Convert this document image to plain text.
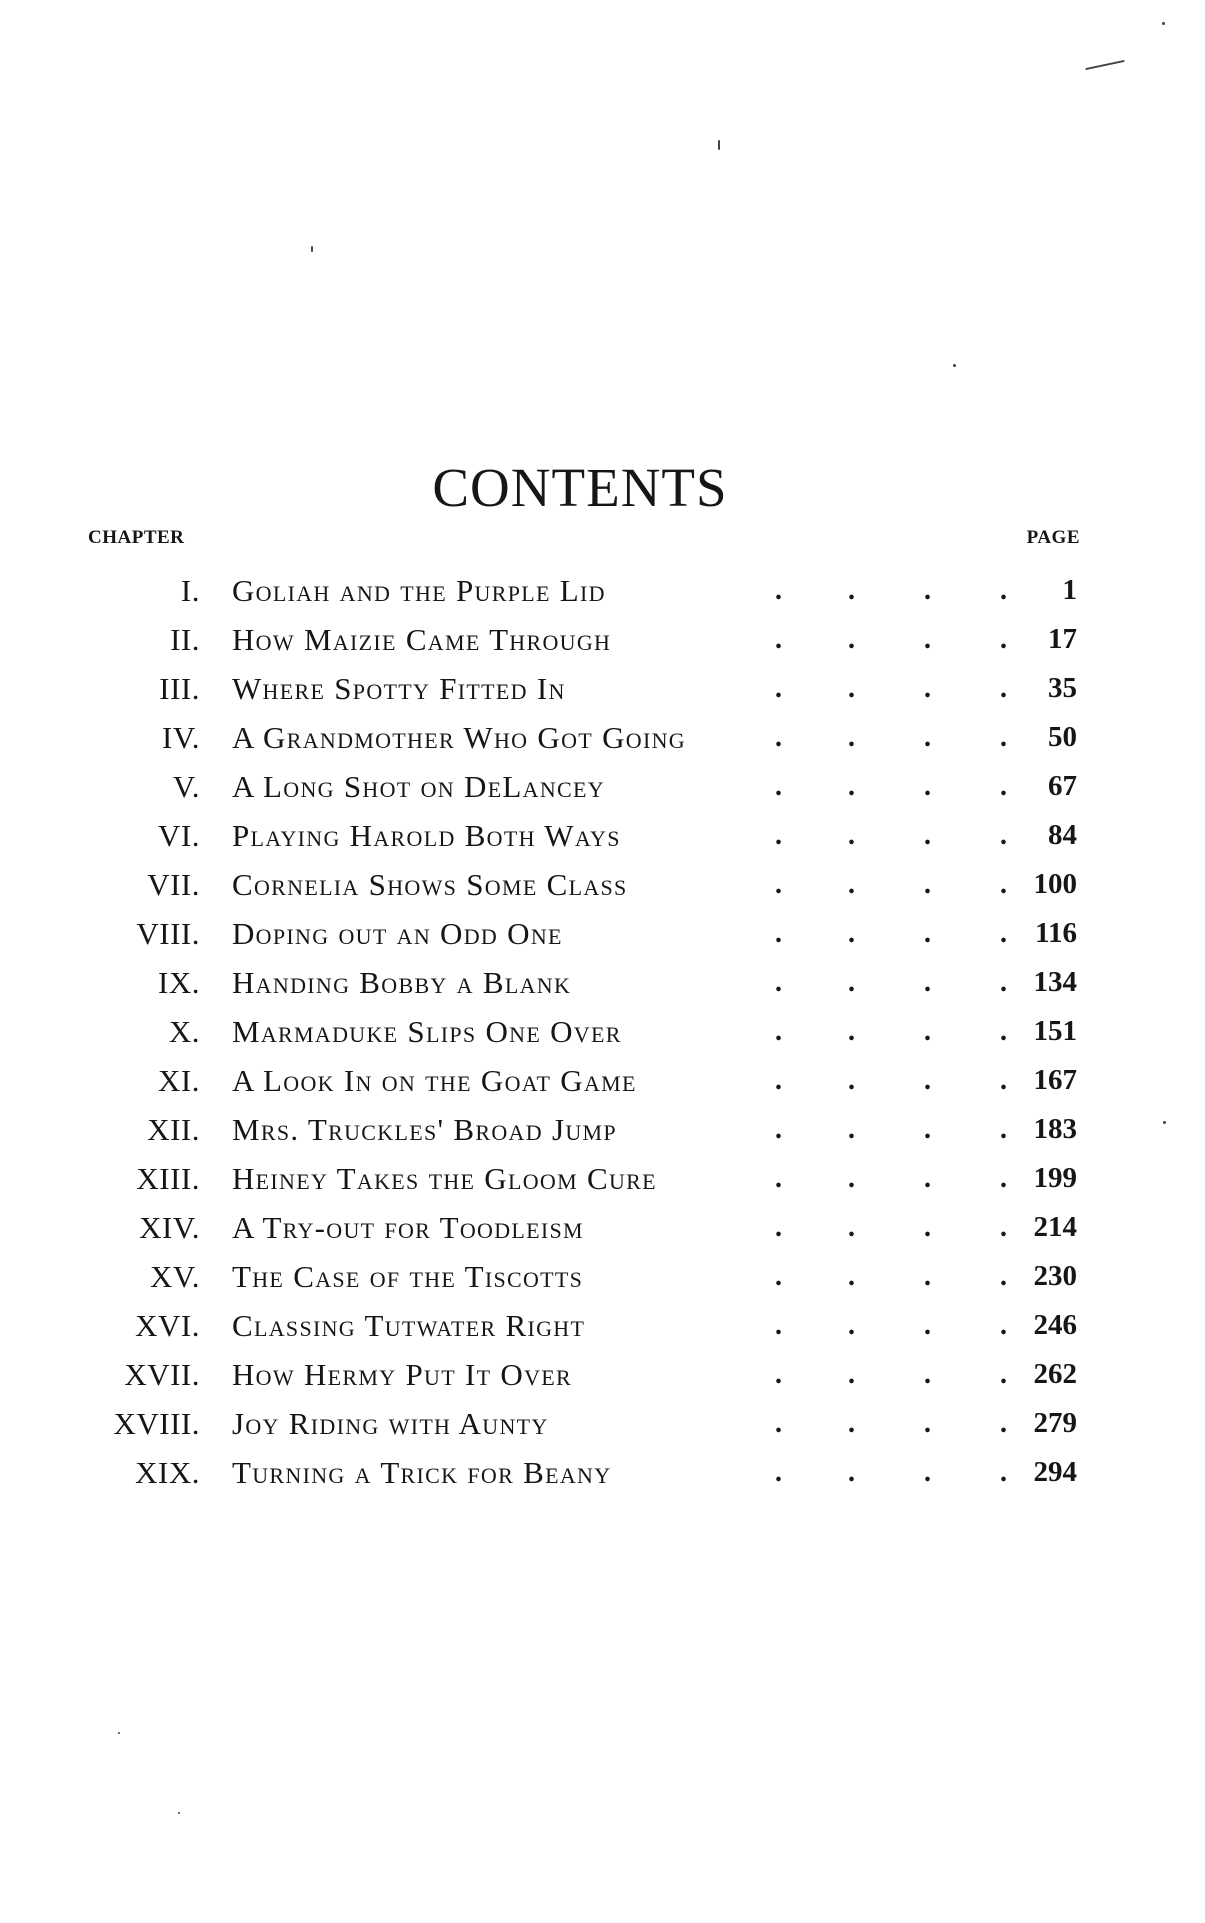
CONTENTS
CHAPTER	PAGE
I. Goliah and the Purple Lid	. . . . 1
II. How Maizie Came Through	. . . . 17
III. Where Spotty Fitted In	. . . . 35
IV. A Grandmother Who Got Going	. . . . 50
V. A Long Shot on DeLancey	. . . . 67
VI. Playing Harold Both Ways	. . . . 84
VII. Cornelia Shows Some Class	. . . . 100
VIII. Doping out an Odd One	. . . . 116
IX. Handing Bobby a Blank	. . . . 134
X. Marmaduke Slips One Over	. . . . 151
XI. A Look In on the Goat Game	. . . . 167
XII. Mrs. Truckles' Broad Jump	. . . . 183
XIII. Heiney Takes the Gloom Cure	. . . . 199
XIV. A Try-out for Toodleism	. . . . 214
XV. The Case of the Tiscotts	. . . . 230
XVI. Classing Tutwater Right	. . . . 246
XVII. How Hermy Put It Over	. . . . 262
XVIII. Joy Riding with Aunty	. . . . 279
XIX. Turning a Trick for Beany	. . . . 294
